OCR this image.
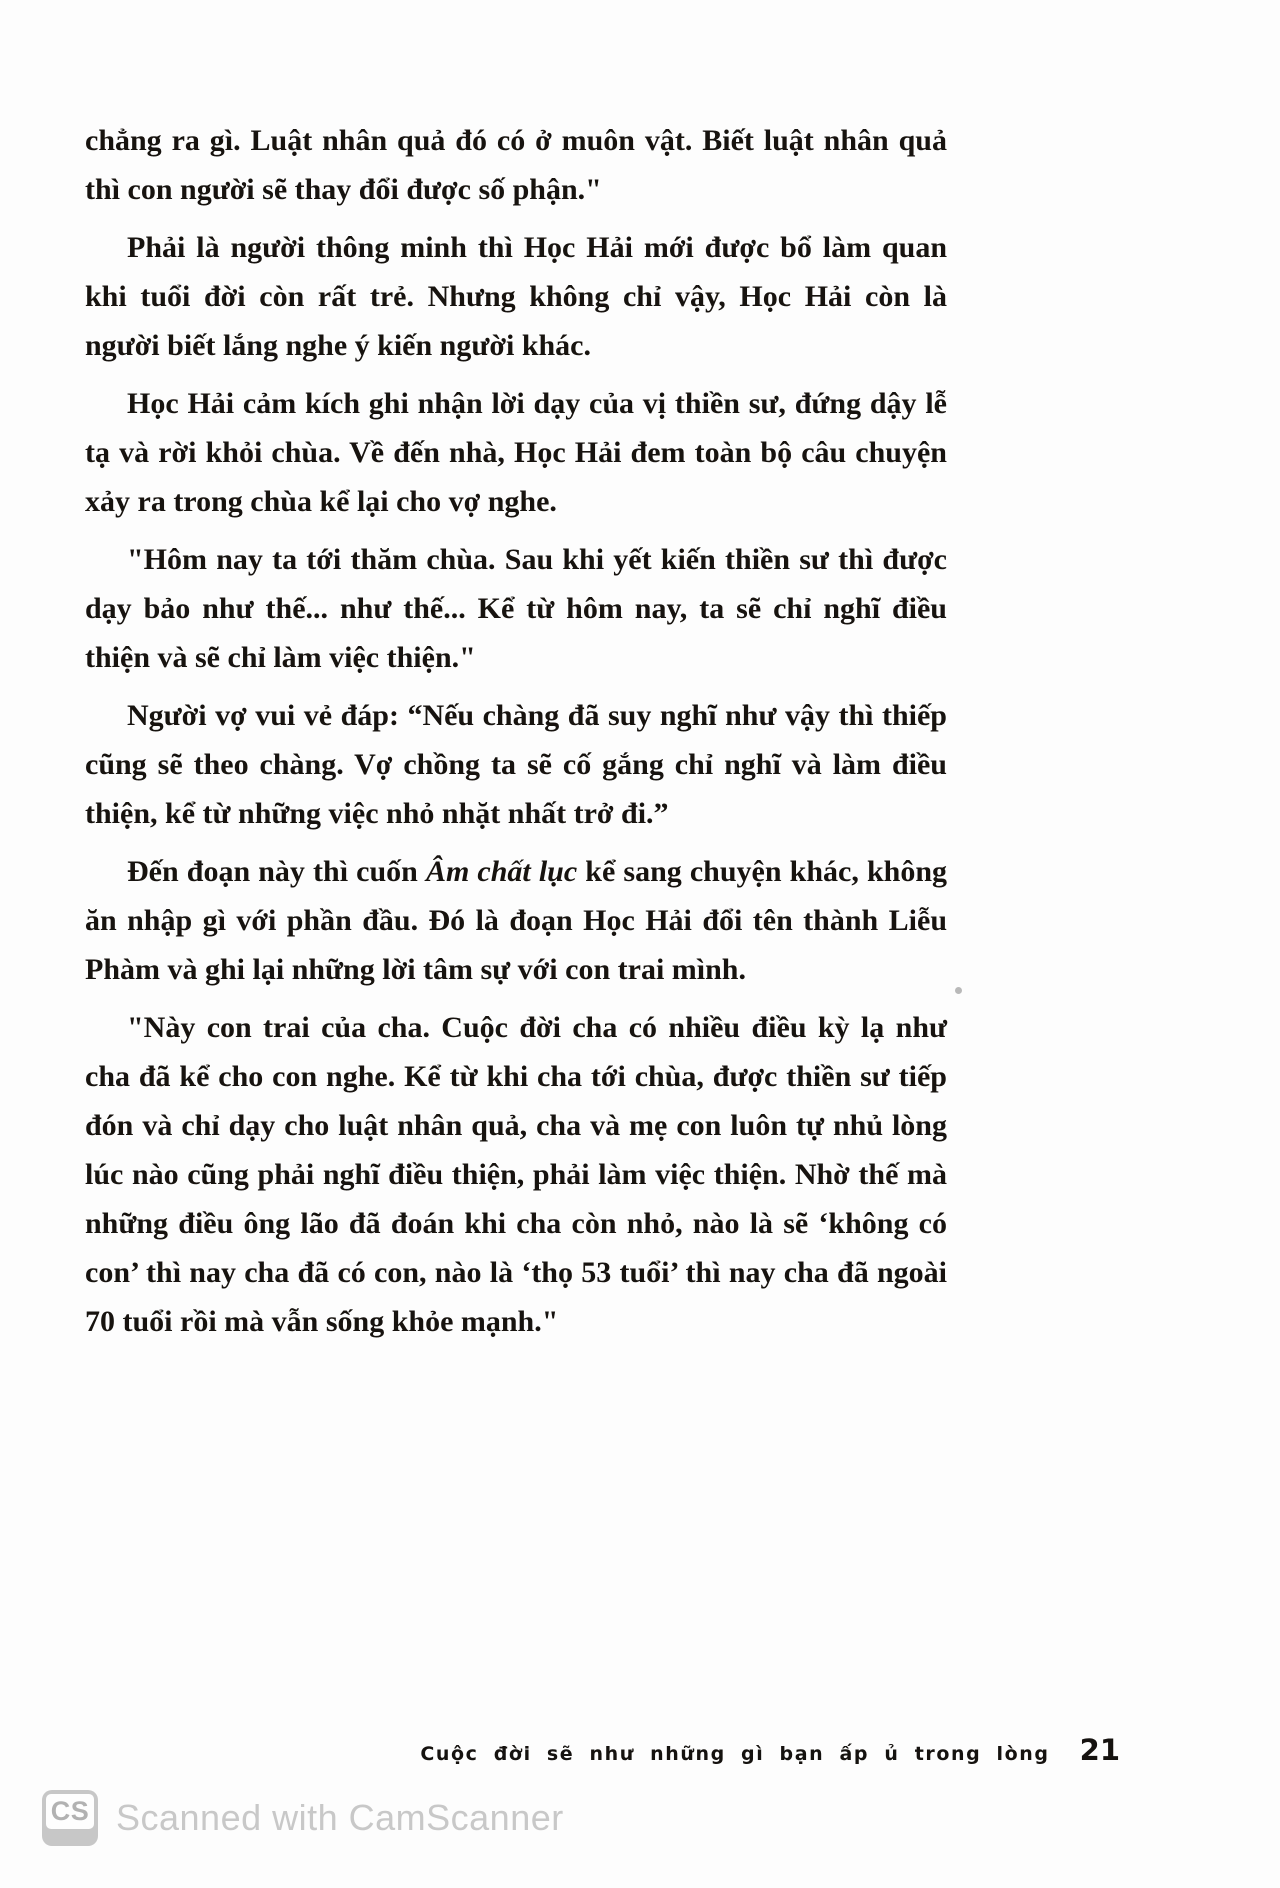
chẳng ra gì. Luật nhân quả đó có ở muôn vật. Biết luật nhân quả thì con người sẽ thay đổi được số phận."

Phải là người thông minh thì Học Hải mới được bổ làm quan khi tuổi đời còn rất trẻ. Nhưng không chỉ vậy, Học Hải còn là người biết lắng nghe ý kiến người khác.

Học Hải cảm kích ghi nhận lời dạy của vị thiền sư, đứng dậy lễ tạ và rời khỏi chùa. Về đến nhà, Học Hải đem toàn bộ câu chuyện xảy ra trong chùa kể lại cho vợ nghe.

"Hôm nay ta tới thăm chùa. Sau khi yết kiến thiền sư thì được dạy bảo như thế... như thế... Kể từ hôm nay, ta sẽ chỉ nghĩ điều thiện và sẽ chỉ làm việc thiện."

Người vợ vui vẻ đáp: “Nếu chàng đã suy nghĩ như vậy thì thiếp cũng sẽ theo chàng. Vợ chồng ta sẽ cố gắng chỉ nghĩ và làm điều thiện, kể từ những việc nhỏ nhặt nhất trở đi.”

Đến đoạn này thì cuốn Âm chất lục kể sang chuyện khác, không ăn nhập gì với phần đầu. Đó là đoạn Học Hải đổi tên thành Liễu Phàm và ghi lại những lời tâm sự với con trai mình.

"Này con trai của cha. Cuộc đời cha có nhiều điều kỳ lạ như cha đã kể cho con nghe. Kể từ khi cha tới chùa, được thiền sư tiếp đón và chỉ dạy cho luật nhân quả, cha và mẹ con luôn tự nhủ lòng lúc nào cũng phải nghĩ điều thiện, phải làm việc thiện. Nhờ thế mà những điều ông lão đã đoán khi cha còn nhỏ, nào là sẽ ‘không có con’ thì nay cha đã có con, nào là ‘thọ 53 tuổi’ thì nay cha đã ngoài 70 tuổi rồi mà vẫn sống khỏe mạnh."

Cuộc đời sẽ như những gì bạn ấp ủ trong lòng 21
CS Scanned with CamScanner
